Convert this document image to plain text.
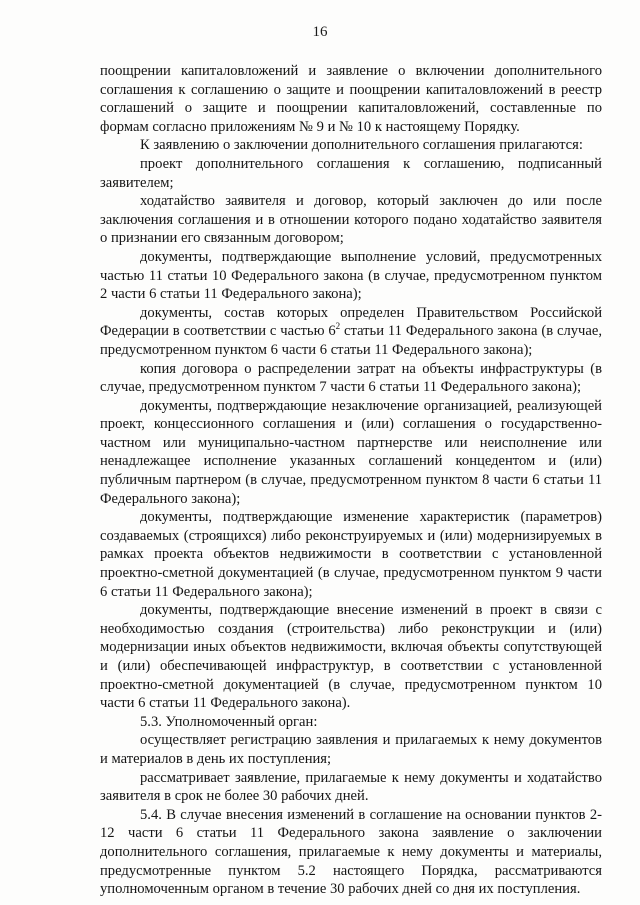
16

поощрении капиталовложений и заявление о включении дополнительного соглашения к соглашению о защите и поощрении капиталовложений в реестр соглашений о защите и поощрении капиталовложений, составленные по формам согласно приложениям № 9 и № 10 к настоящему Порядку.

К заявлению о заключении дополнительного соглашения прилагаются:

проект дополнительного соглашения к соглашению, подписанный заявителем;

ходатайство заявителя и договор, который заключен до или после заключения соглашения и в отношении которого подано ходатайство заявителя о признании его связанным договором;

документы, подтверждающие выполнение условий, предусмотренных частью 11 статьи 10 Федерального закона (в случае, предусмотренном пунктом 2 части 6 статьи 11 Федерального закона);

документы, состав которых определен Правительством Российской Федерации в соответствии с частью $6^2$ статьи 11 Федерального закона (в случае, предусмотренном пунктом 6 части 6 статьи 11 Федерального закона);

копия договора о распределении затрат на объекты инфраструктуры (в случае, предусмотренном пунктом 7 части 6 статьи 11 Федерального закона);

документы, подтверждающие незаключение организацией, реализующей проект, концессионного соглашения и (или) соглашения о государственно-частном или муниципально-частном партнерстве или неисполнение или ненадлежащее исполнение указанных соглашений концедентом и (или) публичным партнером (в случае, предусмотренном пунктом 8 части 6 статьи 11 Федерального закона);

документы, подтверждающие изменение характеристик (параметров) создаваемых (строящихся) либо реконструируемых и (или) модернизируемых в рамках проекта объектов недвижимости в соответствии с установленной проектно-сметной документацией (в случае, предусмотренном пунктом 9 части 6 статьи 11 Федерального закона);

документы, подтверждающие внесение изменений в проект в связи с необходимостью создания (строительства) либо реконструкции и (или) модернизации иных объектов недвижимости, включая объекты сопутствующей и (или) обеспечивающей инфраструктур, в соответствии с установленной проектно-сметной документацией (в случае, предусмотренном пунктом 10 части 6 статьи 11 Федерального закона).

5.3. Уполномоченный орган:

осуществляет регистрацию заявления и прилагаемых к нему документов и материалов в день их поступления;

рассматривает заявление, прилагаемые к нему документы и ходатайство заявителя в срок не более 30 рабочих дней.

5.4. В случае внесения изменений в соглашение на основании пунктов 2-12 части 6 статьи 11 Федерального закона заявление о заключении дополнительного соглашения, прилагаемые к нему документы и материалы, предусмотренные пунктом 5.2 настоящего Порядка, рассматриваются уполномоченным органом в течение 30 рабочих дней со дня их поступления.
